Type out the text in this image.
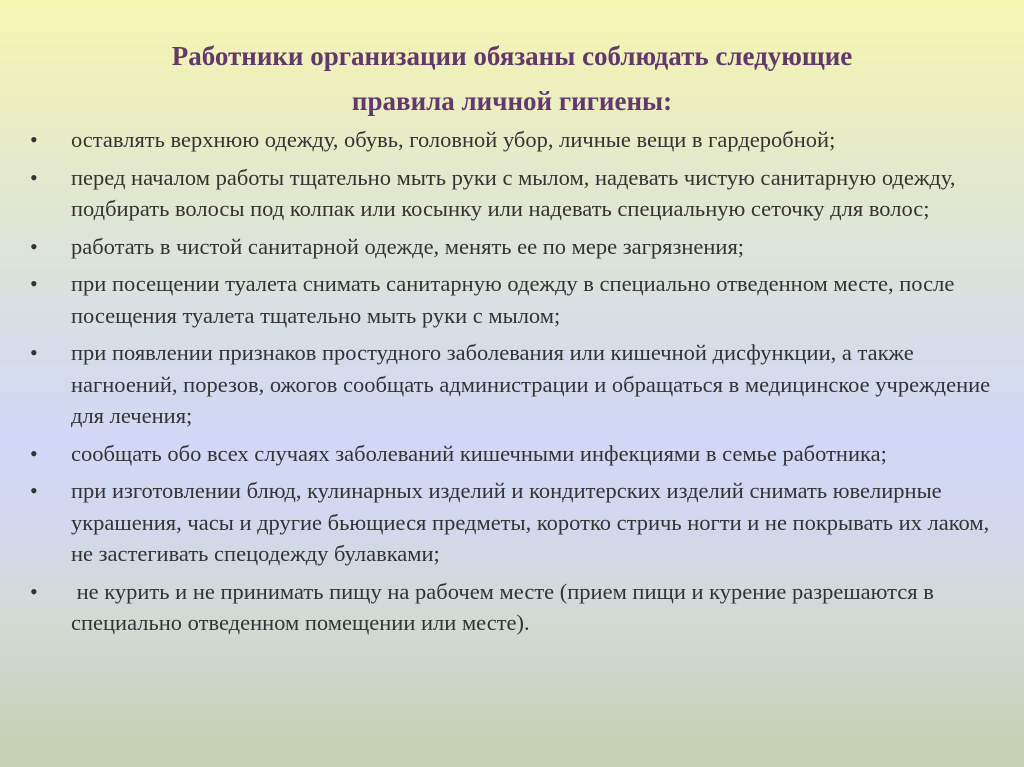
Работники организации обязаны соблюдать следующие
правила личной гигиены:
•	оставлять верхнюю одежду, обувь, головной убор, личные вещи в гардеробной;
•	перед началом работы тщательно мыть руки с мылом, надевать чистую санитарную одежду, подбирать волосы под колпак или косынку или надевать специальную сеточку для волос;
•	работать в чистой санитарной одежде, менять ее по мере загрязнения;
•	при посещении туалета снимать санитарную одежду в специально отведенном месте, после посещения туалета тщательно мыть руки с мылом;
•	при появлении признаков простудного заболевания или кишечной дисфункции, а также нагноений, порезов, ожогов сообщать администрации и обращаться в медицинское учреждение для лечения;
•	сообщать обо всех случаях заболеваний кишечными инфекциями в семье работника;
•	при изготовлении блюд, кулинарных изделий и кондитерских изделий снимать ювелирные украшения, часы и другие бьющиеся предметы, коротко стричь ногти и не покрывать их лаком, не застегивать спецодежду булавками;
•	не курить и не принимать пищу на рабочем месте (прием пищи и курение разрешаются в специально отведенном помещении или месте).
